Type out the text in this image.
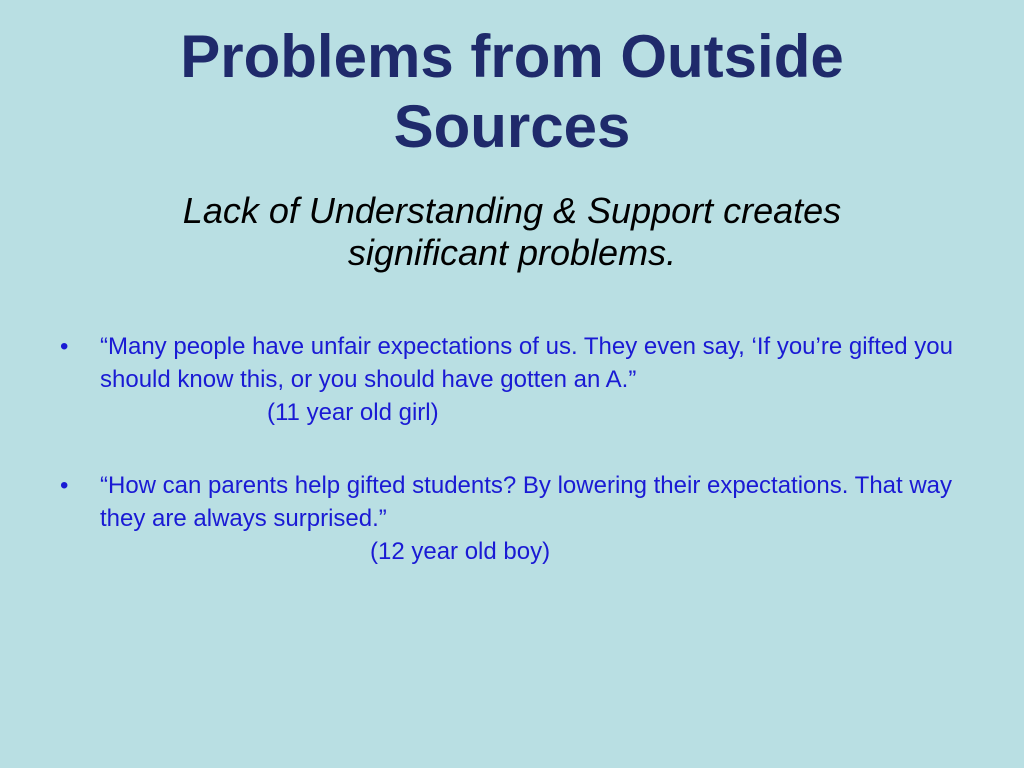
Problems from Outside Sources

Lack of Understanding & Support creates significant problems.

• “Many people have unfair expectations of us. They even say, ‘If you’re gifted you should know this, or you should have gotten an A.”
(11 year old girl)
• “How can parents help gifted students? By lowering their expectations. That way they are always surprised.”
(12 year old boy)
